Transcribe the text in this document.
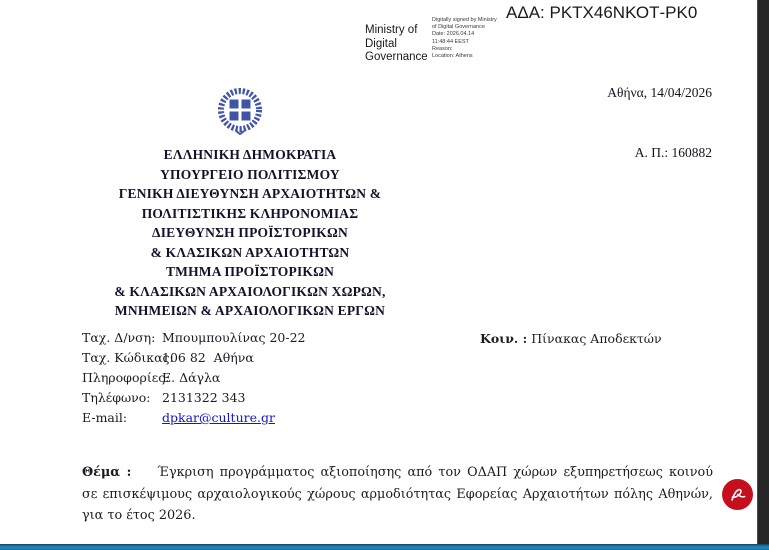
ΑΔΑ: ΡΚΤΧ46ΝΚΟΤ-ΡΚ0
Ministry of
Digital
Governance
Digitally signed by Ministry
of Digital Governance
Date: 2026.04.14
11:48:44 EEST
Reason:
Location: Athens

Αθήνα, 14/04/2026

Α. Π.: 160882

ΕΛΛΗΝΙΚΗ ΔΗΜΟΚΡΑΤΙΑ
ΥΠΟΥΡΓΕΙΟ ΠΟΛΙΤΙΣΜΟΥ
ΓΕΝΙΚΗ ΔΙΕΥΘΥΝΣΗ ΑΡΧΑΙΟΤΗΤΩΝ &
ΠΟΛΙΤΙΣΤΙΚΗΣ ΚΛΗΡΟΝΟΜΙΑΣ
ΔΙΕΥΘΥΝΣΗ ΠΡΟΪΣΤΟΡΙΚΩΝ
& ΚΛΑΣΙΚΩΝ ΑΡΧΑΙΟΤΗΤΩΝ
ΤΜΗΜΑ ΠΡΟΪΣΤΟΡΙΚΩΝ
& ΚΛΑΣΙΚΩΝ ΑΡΧΑΙΟΛΟΓΙΚΩΝ ΧΩΡΩΝ,
ΜΝΗΜΕΙΩΝ & ΑΡΧΑΙΟΛΟΓΙΚΩΝ ΕΡΓΩΝ
Ταχ. Δ/νση: Μπουμπουλίνας 20-22
Ταχ. Κώδικας:
106 82  Αθήνα
Πληροφορίες:
Ε. Δάγλα
Τηλέφωνο: 2131322 343
E-mail:	dpkar@culture.gr
Κοιν. : Πίνακας Αποδεκτών
Θέμα : Έγκριση προγράμματος αξιοποίησης από τον ΟΔΑΠ χώρων εξυπηρετήσεως κοινού σε επισκέψιμους αρχαιολογικούς χώρους αρμοδιότητας Εφορείας Αρχαιοτήτων πόλης Αθηνών, για το έτος 2026.
